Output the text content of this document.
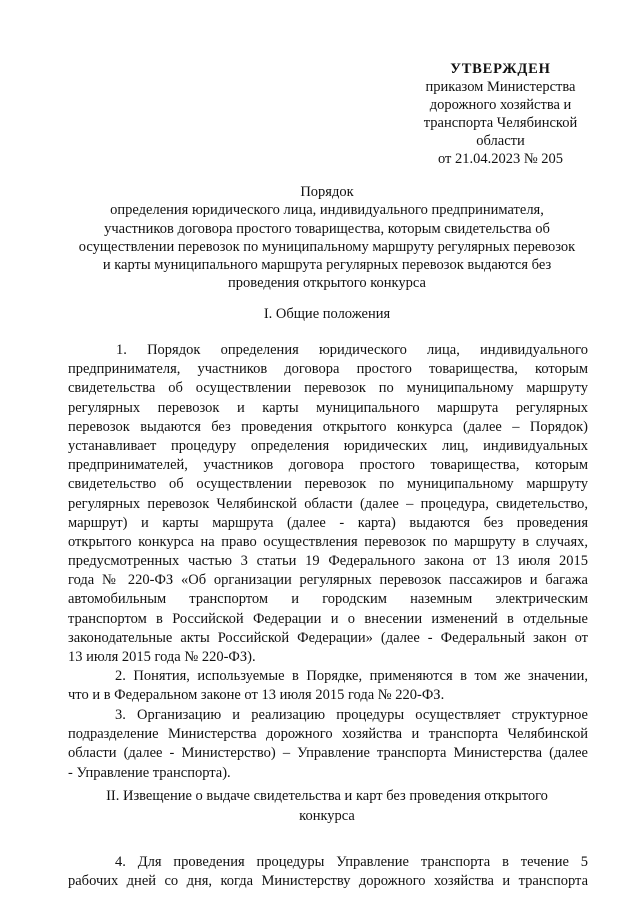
УТВЕРЖДЕН
приказом Министерства
дорожного хозяйства и
транспорта Челябинской
области
от 21.04.2023 № 205
Порядок
определения юридического лица, индивидуального предпринимателя,
участников договора простого товарищества, которым свидетельства об
осуществлении перевозок по муниципальному маршруту регулярных перевозок
и карты муниципального маршрута регулярных перевозок выдаются без
проведения открытого конкурса
I. Общие положения
1. Порядок определения юридического лица, индивидуального
предпринимателя, участников договора простого товарищества, которым
свидетельства об осуществлении перевозок по муниципальному маршруту
регулярных перевозок и карты муниципального маршрута регулярных
перевозок выдаются без проведения открытого конкурса (далее – Порядок)
устанавливает процедуру определения юридических лиц, индивидуальных
предпринимателей, участников договора простого товарищества, которым
свидетельство об осуществлении перевозок по муниципальному маршруту
регулярных перевозок Челябинской области (далее – процедура, свидетельство,
маршрут) и карты маршрута (далее - карта) выдаются без проведения
открытого конкурса на право осуществления перевозок по маршруту в случаях,
предусмотренных частью 3 статьи 19 Федерального закона от 13 июля 2015
года № 220-ФЗ «Об организации регулярных перевозок пассажиров и багажа
автомобильным транспортом и городским наземным электрическим
транспортом в Российской Федерации и о внесении изменений в отдельные
законодательные акты Российской Федерации» (далее - Федеральный закон от
13 июля 2015 года № 220-ФЗ).
2. Понятия, используемые в Порядке, применяются в том же значении,
что и в Федеральном законе от 13 июля 2015 года № 220-ФЗ.
3. Организацию и реализацию процедуры осуществляет структурное
подразделение Министерства дорожного хозяйства и транспорта Челябинской
области (далее - Министерство) – Управление транспорта Министерства (далее
- Управление транспорта).
II. Извещение о выдаче свидетельства и карт без проведения открытого
конкурса
4. Для проведения процедуры Управление транспорта в течение 5
рабочих дней со дня, когда Министерству дорожного хозяйства и транспорта
